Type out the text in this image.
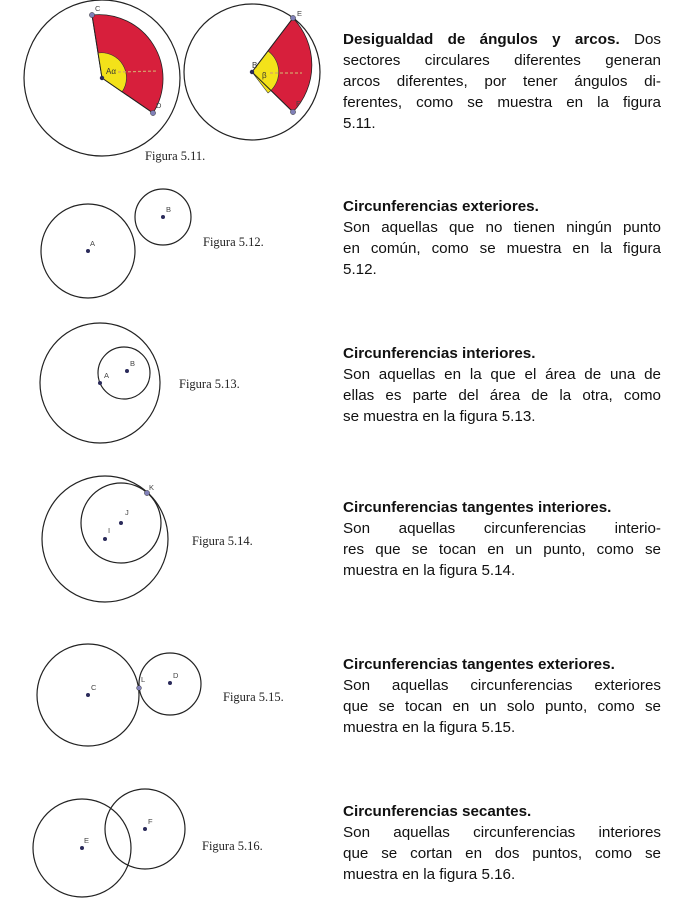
C
D
Aα
E
F
B
β
Figura 5.11.
A
B
Figura 5.12.
A
B
Figura 5.13.
K
J
I
Figura 5.14.
C
L	D
Figura 5.15.
E
F
Figura 5.16.
Desigualdad de ángulos y arcos. Dos
sectores circulares diferentes generan
arcos diferentes, por tener ángulos di-
ferentes, como se muestra en la figura
5.11.
Circunferencias exteriores.
Son aquellas que no tienen ningún punto
en común, como se muestra en la figura
5.12.
Circunferencias interiores.
Son aquellas en la que el área de una de
ellas es parte del área de la otra, como
se muestra en la figura 5.13.
Circunferencias tangentes interiores.
Son aquellas circunferencias interio-
res que se tocan en un punto, como se
muestra en la figura 5.14.
Circunferencias tangentes exteriores.
Son aquellas circunferencias exteriores
que se tocan en un solo punto, como se
muestra en la figura 5.15.
Circunferencias secantes.
Son aquellas circunferencias interiores
que se cortan en dos puntos, como se
muestra en la figura 5.16.
